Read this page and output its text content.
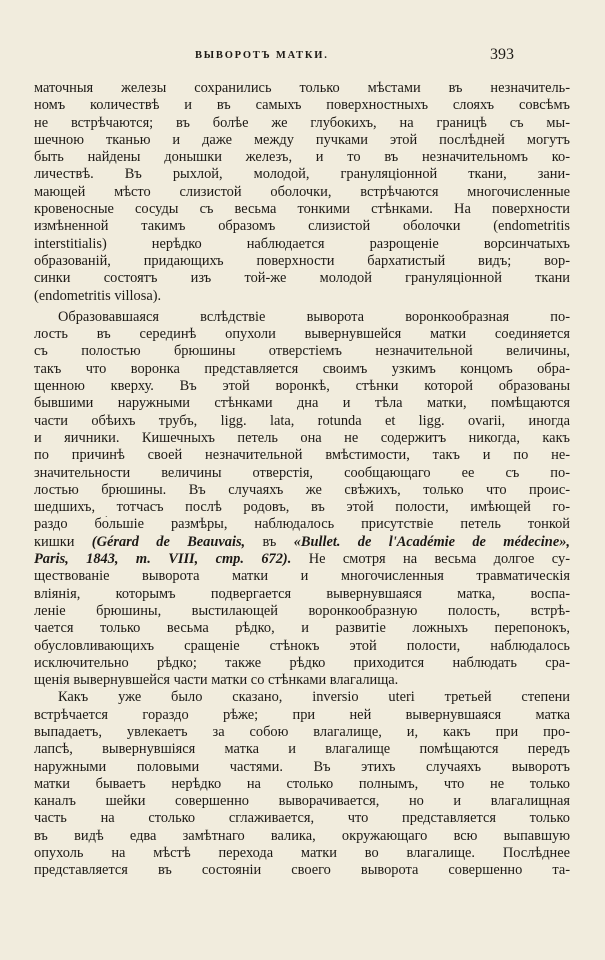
ВЫВОРОТЪ МАТКИ.	393
маточныя железы сохранились только мѣстами въ незначитель-
номъ количествѣ и въ самыхъ поверхностныхъ слояхъ совсѣмъ
не встрѣчаются; въ болѣе же глубокихъ, на границѣ съ мы-
шечною тканью и даже между пучками этой послѣдней могутъ
быть найдены донышки железъ, и то въ незначительномъ ко-
личествѣ. Въ рыхлой, молодой, грануляціонной ткани, зани-
мающей мѣсто слизистой оболочки, встрѣчаются многочисленные
кровеносные сосуды съ весьма тонкими стѣнками. На поверхности
измѣненной такимъ образомъ слизистой оболочки (endometritis
interstitialis) нерѣдко наблюдается разрощеніе ворсинчатыхъ
образованій, придающихъ поверхности бархатистый видъ; вор-
синки состоятъ изъ той-же молодой грануляціонной ткани
(endometritis villosa).
Образовавшаяся вслѣдствіе выворота воронкообразная по-
лость въ серединѣ опухоли вывернувшейся матки соединяется
съ полостью брюшины отверстіемъ незначительной величины,
такъ что воронка представляется своимъ узкимъ концомъ обра-
щенною кверху. Въ этой воронкѣ, стѣнки которой образованы
бывшими наружными стѣнками дна и тѣла матки, помѣщаются
части обѣихъ трубъ, ligg. lata, rotunda et ligg. ovarii, иногда
и яичники. Кишечныхъ петель она не содержитъ никогда, какъ
по причинѣ своей незначительной вмѣстимости, такъ и по не-
значительности величины отверстія, сообщающаго ее съ по-
лостью брюшины. Въ случаяхъ же свѣжихъ, только что проис-
шедшихъ, тотчасъ послѣ родовъ, въ этой полости, имѣющей го-
раздо бо́льшіе размѣры, наблюдалось присутствіе петель тонкой
кишки (Gérard de Beauvais, въ «Bullet. de l'Académie de médecine»,
Paris, 1843, т. VIII, стр. 672). Не смотря на весьма долгое су-
ществованіе выворота матки и многочисленныя травматическія
вліянія, которымъ подвергается вывернувшаяся матка, воспа-
леніе брюшины, выстилающей воронкообразную полость, встрѣ-
чается только весьма рѣдко, и развитіе ложныхъ перепонокъ,
обусловливающихъ сращеніе стѣнокъ этой полости, наблюдалось
исключительно рѣдко; также рѣдко приходится наблюдать сра-
щенія вывернувшейся части матки со стѣнками влагалища.
Какъ уже было сказано, inversio uteri третьей степени
встрѣчается гораздо рѣже; при ней вывернувшаяся матка
выпадаетъ, увлекаетъ за собою влагалище, и, какъ при про-
лапсѣ, вывернувшіяся матка и влагалище помѣщаются передъ
наружными половыми частями. Въ этихъ случаяхъ выворотъ
матки бываетъ нерѣдко на столько полнымъ, что не только
каналъ шейки совершенно выворачивается, но и влагалищная
часть на столько сглаживается, что представляется только
въ видѣ едва замѣтнаго валика, окружающаго всю выпавшую
опухоль на мѣстѣ перехода матки во влагалище. Послѣднее
представляется въ состояніи своего выворота совершенно та-
